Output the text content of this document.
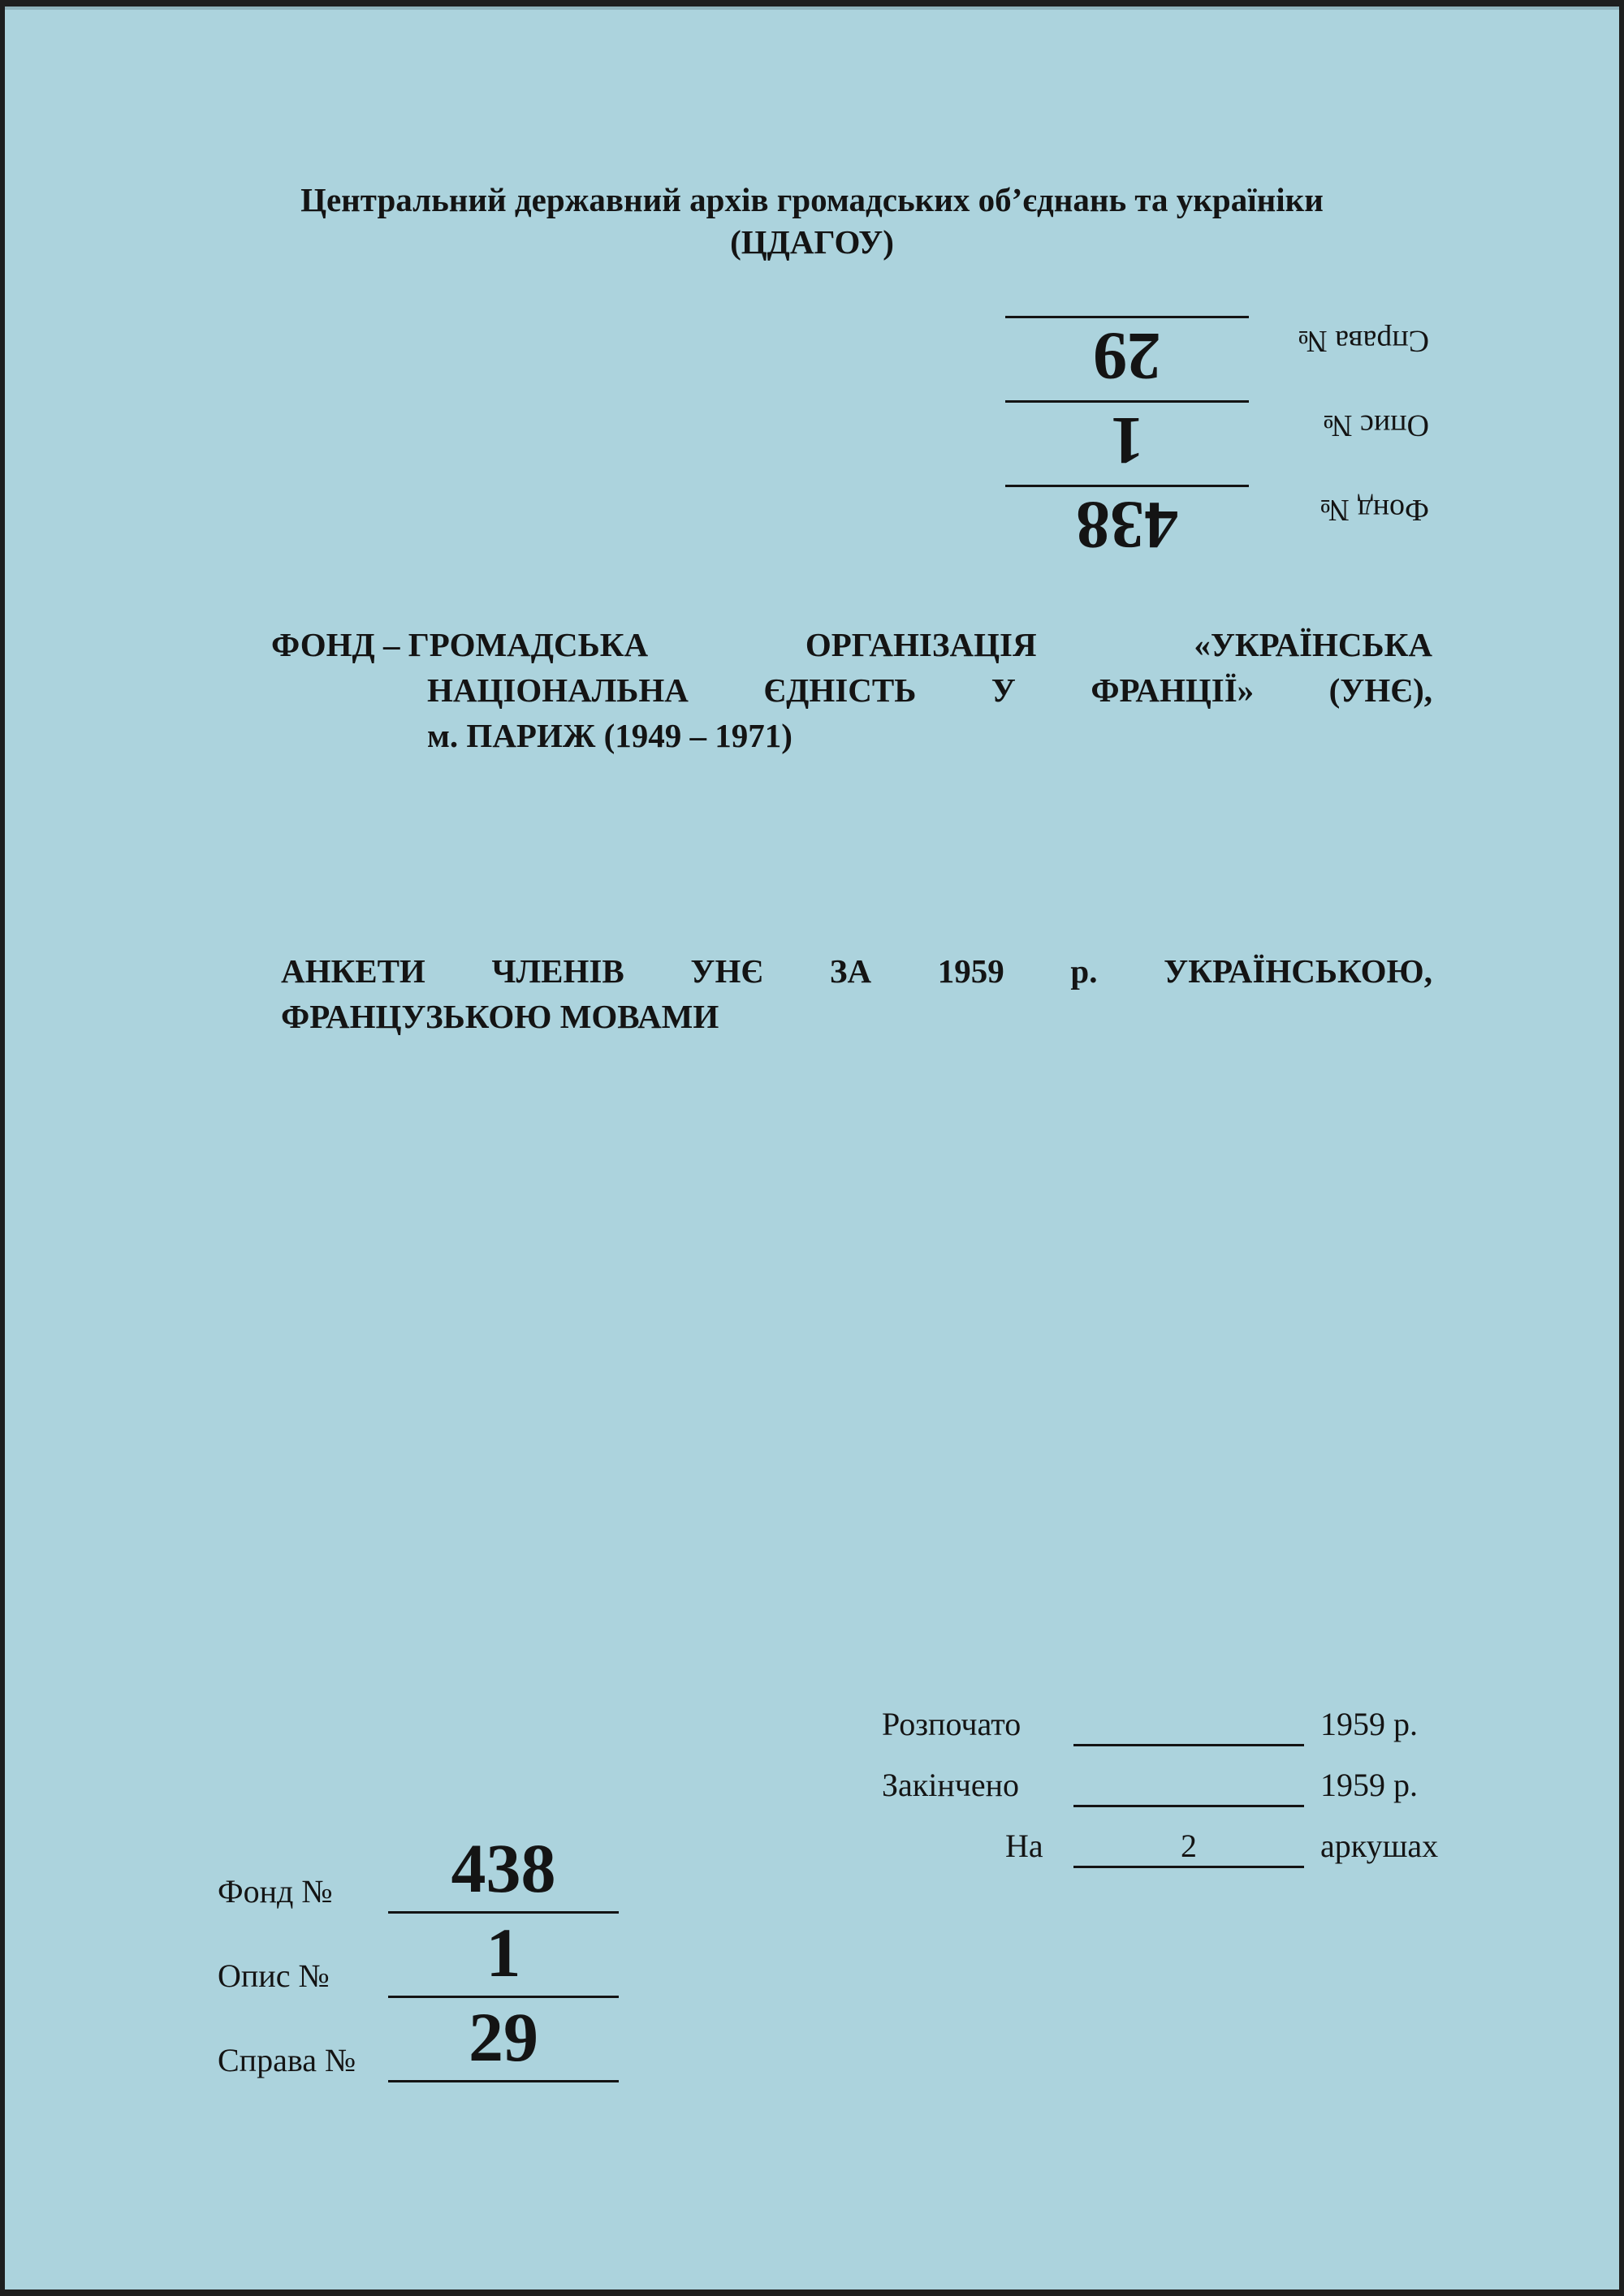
Центральний державний архів громадських об’єднань та україніки
(ЦДАГОУ)
Фонд №
438
Опис №
1
Справа №
29
ФОНД – ГРОМАДСЬКА	ОРГАНІЗАЦІЯ	«УКРАЇНСЬКА
НАЦІОНАЛЬНА ЄДНІСТЬ У ФРАНЦІЇ» (УНЄ),
м. ПАРИЖ (1949 – 1971)
АНКЕТИ ЧЛЕНІВ УНЄ ЗА 1959 р. УКРАЇНСЬКОЮ,
ФРАНЦУЗЬКОЮ МОВАМИ
Розпочато	1959 р.
Закінчено	1959 р.
На	2	аркушах
Фонд №	438
Опис №	1
Справа №	29
